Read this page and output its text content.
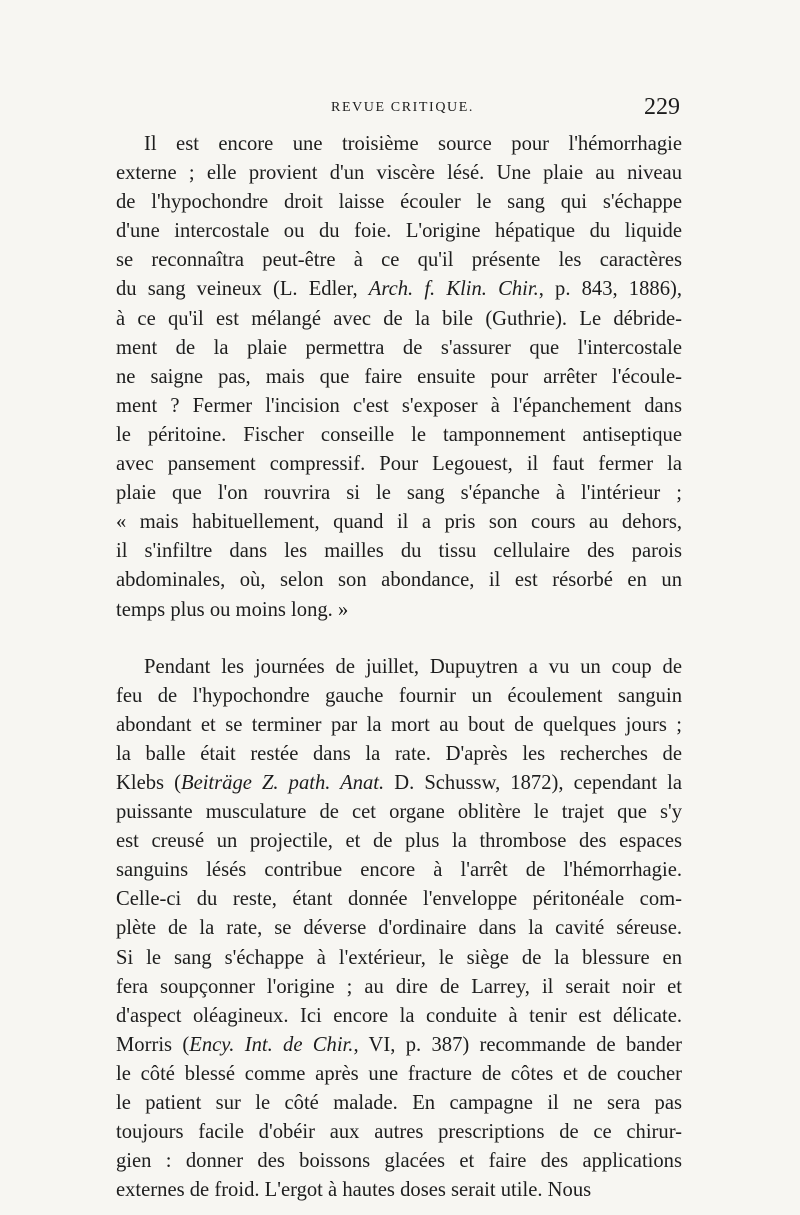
REVUE CRITIQUE.	229
Il est encore une troisième source pour l'hémorrhagie
externe ; elle provient d'un viscère lésé. Une plaie au niveau
de l'hypochondre droit laisse écouler le sang qui s'échappe
d'une intercostale ou du foie. L'origine hépatique du liquide
se reconnaîtra peut-être à ce qu'il présente les caractères
du sang veineux (L. Edler, Arch. f. Klin. Chir., p. 843, 1886),
à ce qu'il est mélangé avec de la bile (Guthrie). Le débride-
ment de la plaie permettra de s'assurer que l'intercostale
ne saigne pas, mais que faire ensuite pour arrêter l'écoule-
ment ? Fermer l'incision c'est s'exposer à l'épanchement dans
le péritoine. Fischer conseille le tamponnement antiseptique
avec pansement compressif. Pour Legouest, il faut fermer la
plaie que l'on rouvrira si le sang s'épanche à l'intérieur ;
« mais habituellement, quand il a pris son cours au dehors,
il s'infiltre dans les mailles du tissu cellulaire des parois
abdominales, où, selon son abondance, il est résorbé en un
temps plus ou moins long. »
Pendant les journées de juillet, Dupuytren a vu un coup de
feu de l'hypochondre gauche fournir un écoulement sanguin
abondant et se terminer par la mort au bout de quelques jours ;
la balle était restée dans la rate. D'après les recherches de
Klebs (Beiträge Z. path. Anat. D. Schussw, 1872), cependant la
puissante musculature de cet organe oblitère le trajet que s'y
est creusé un projectile, et de plus la thrombose des espaces
sanguins lésés contribue encore à l'arrêt de l'hémorrhagie.
Celle-ci du reste, étant donnée l'enveloppe péritonéale com-
plète de la rate, se déverse d'ordinaire dans la cavité séreuse.
Si le sang s'échappe à l'extérieur, le siège de la blessure en
fera soupçonner l'origine ; au dire de Larrey, il serait noir et
d'aspect oléagineux. Ici encore la conduite à tenir est délicate.
Morris (Ency. Int. de Chir., VI, p. 387) recommande de bander
le côté blessé comme après une fracture de côtes et de coucher
le patient sur le côté malade. En campagne il ne sera pas
toujours facile d'obéir aux autres prescriptions de ce chirur-
gien : donner des boissons glacées et faire des applications
externes de froid. L'ergot à hautes doses serait utile. Nous
